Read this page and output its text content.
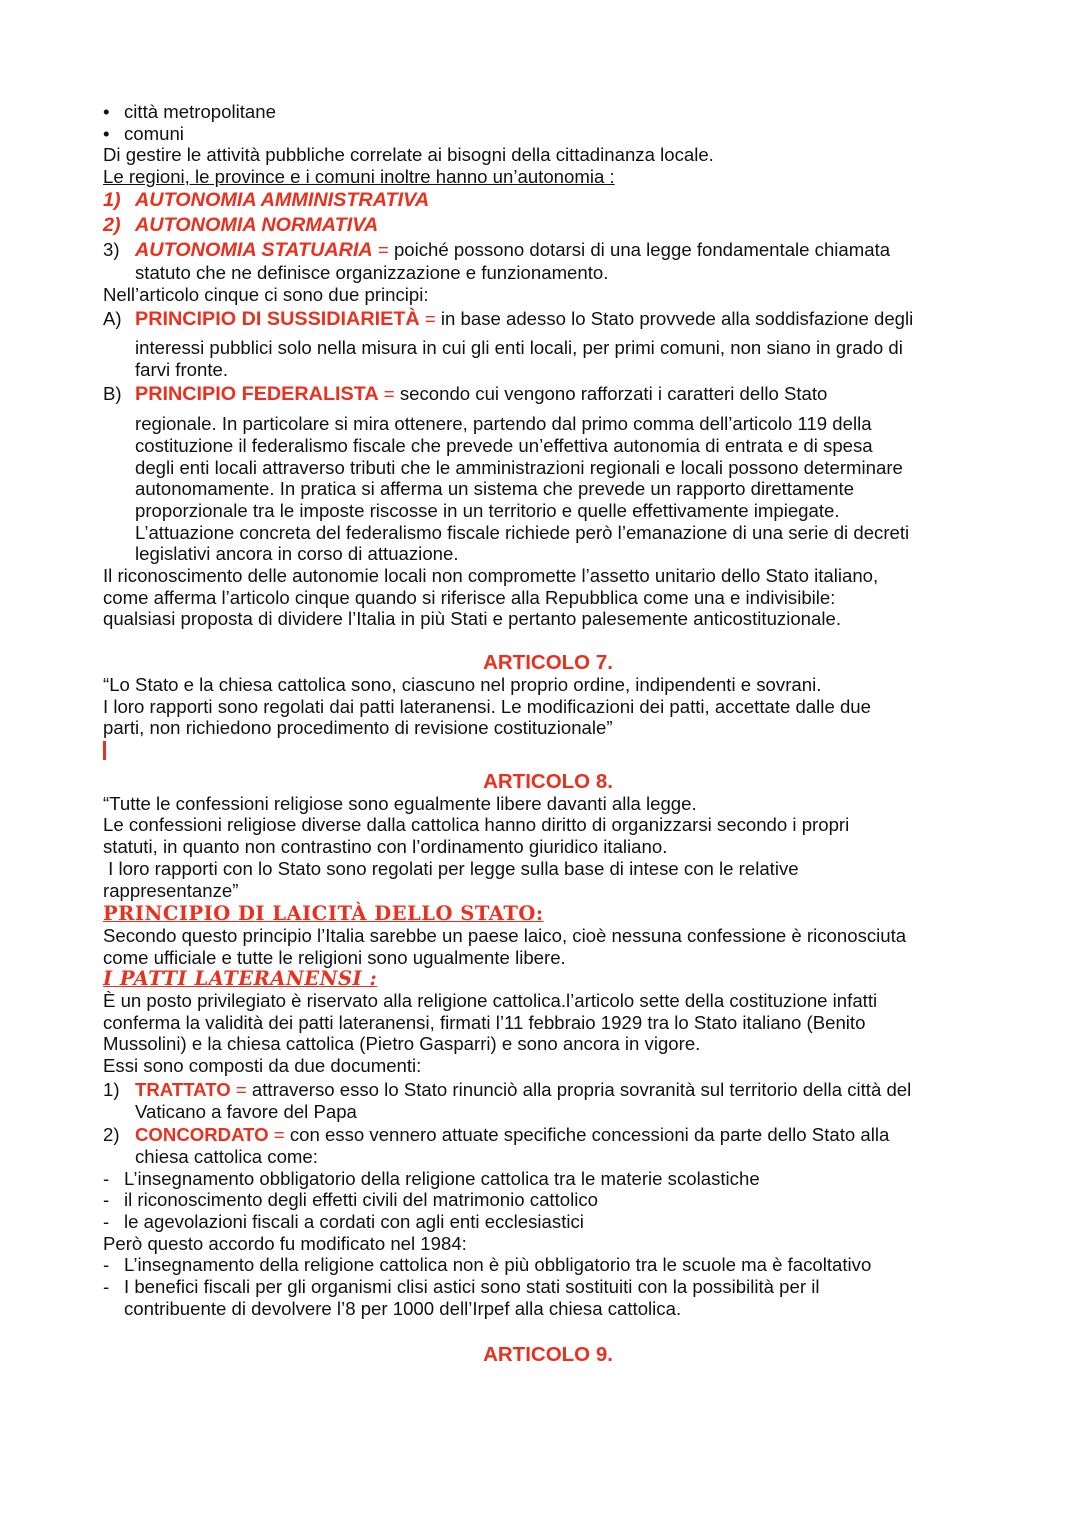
• città metropolitane
• comuni
Di gestire le attività pubbliche correlate ai bisogni della cittadinanza locale.
Le regioni, le province e i comuni inoltre hanno un’autonomia :
1) AUTONOMIA AMMINISTRATIVA
2) AUTONOMIA NORMATIVA
3) AUTONOMIA STATUARIA = poiché possono dotarsi di una legge fondamentale chiamata
statuto che ne definisce organizzazione e funzionamento.
Nell’articolo cinque ci sono due principi:
A) PRINCIPIO DI SUSSIDIARIETÀ = in base adesso lo Stato provvede alla soddisfazione degli
interessi pubblici solo nella misura in cui gli enti locali, per primi comuni, non siano in grado di
farvi fronte.
B) PRINCIPIO FEDERALISTA = secondo cui vengono rafforzati i caratteri dello Stato
regionale. In particolare si mira ottenere, partendo dal primo comma dell’articolo 119 della
costituzione il federalismo fiscale che prevede un’effettiva autonomia di entrata e di spesa
degli enti locali attraverso tributi che le amministrazioni regionali e locali possono determinare
autonomamente. In pratica si afferma un sistema che prevede un rapporto direttamente
proporzionale tra le imposte riscosse in un territorio e quelle effettivamente impiegate.
L’attuazione concreta del federalismo fiscale richiede però l’emanazione di una serie di decreti
legislativi ancora in corso di attuazione.
Il riconoscimento delle autonomie locali non compromette l’assetto unitario dello Stato italiano,
come afferma l’articolo cinque quando si riferisce alla Repubblica come una e indivisibile:
qualsiasi proposta di dividere l’Italia in più Stati e pertanto palesemente anticostituzionale.
ARTICOLO 7.
“Lo Stato e la chiesa cattolica sono, ciascuno nel proprio ordine, indipendenti e sovrani.
I loro rapporti sono regolati dai patti lateranensi. Le modificazioni dei patti, accettate dalle due
parti, non richiedono procedimento di revisione costituzionale”
ARTICOLO 8.
“Tutte le confessioni religiose sono egualmente libere davanti alla legge.
Le confessioni religiose diverse dalla cattolica hanno diritto di organizzarsi secondo i propri
statuti, in quanto non contrastino con l’ordinamento giuridico italiano.
I loro rapporti con lo Stato sono regolati per legge sulla base di intese con le relative
rappresentanze”
PRINCIPIO DI LAICITÀ DELLO STATO:
Secondo questo principio l’Italia sarebbe un paese laico, cioè nessuna confessione è riconosciuta
come ufficiale e tutte le religioni sono ugualmente libere.
I PATTI LATERANENSI :
È un posto privilegiato è riservato alla religione cattolica.l’articolo sette della costituzione infatti
conferma la validità dei patti lateranensi, firmati l’11 febbraio 1929 tra lo Stato italiano (Benito
Mussolini) e la chiesa cattolica (Pietro Gasparri) e sono ancora in vigore.
Essi sono composti da due documenti:
1) TRATTATO = attraverso esso lo Stato rinunciò alla propria sovranità sul territorio della città del
Vaticano a favore del Papa
2) CONCORDATO = con esso vennero attuate specifiche concessioni da parte dello Stato alla
chiesa cattolica come:
- L’insegnamento obbligatorio della religione cattolica tra le materie scolastiche
- il riconoscimento degli effetti civili del matrimonio cattolico
- le agevolazioni fiscali a cordati con agli enti ecclesiastici
Però questo accordo fu modificato nel 1984:
- L’insegnamento della religione cattolica non è più obbligatorio tra le scuole ma è facoltativo
- I benefici fiscali per gli organismi clisi astici sono stati sostituiti con la possibilità per il
contribuente di devolvere l’8 per 1000 dell’Irpef alla chiesa cattolica.
ARTICOLO 9.
